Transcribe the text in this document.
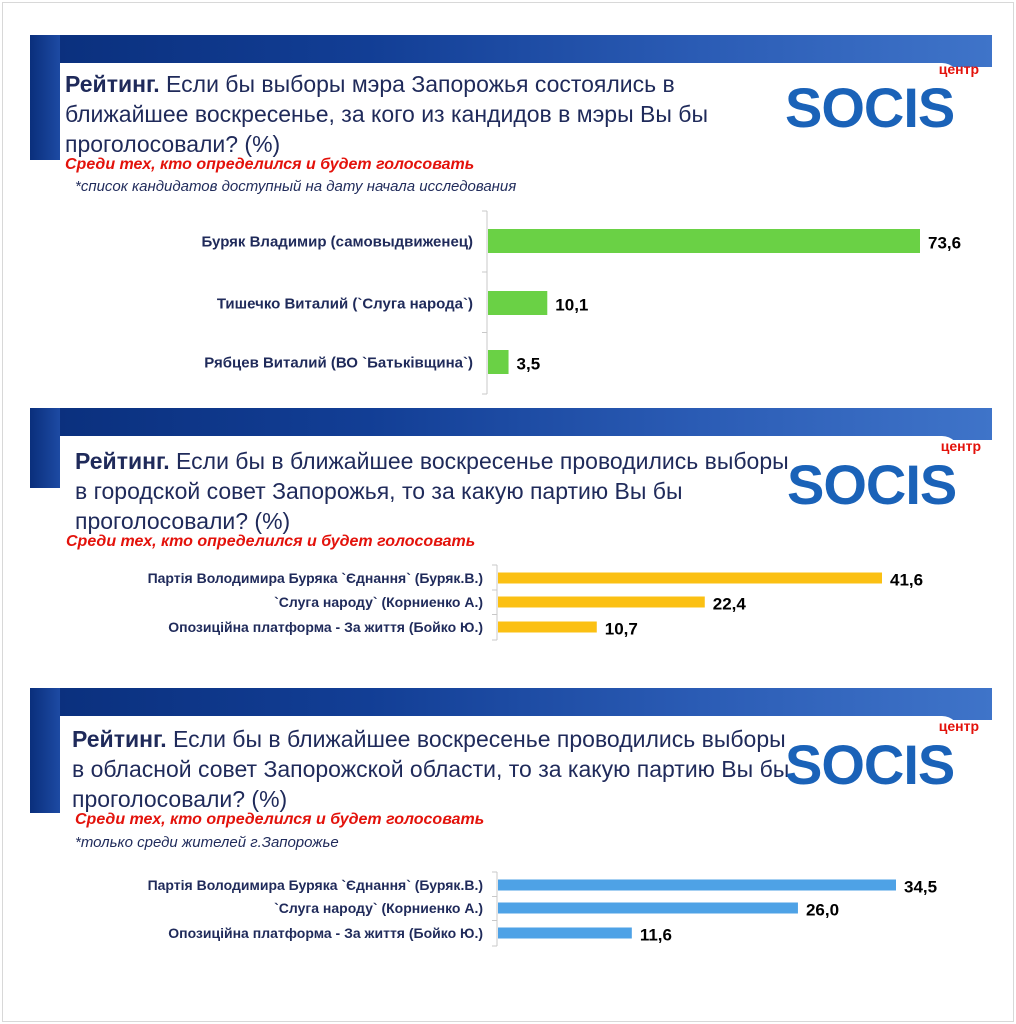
Рейтинг. Если бы выборы мэра Запорожья состоялись в ближайшее воскресенье, за кого из кандидов в мэры Вы бы проголосовали? (%)
Среди тех, кто определился и будет голосовать
*список кандидатов доступный на дату начала исследования
центр
SOCIS
Рейтинг. Если бы в ближайшее воскресенье проводились выборы в городской совет Запорожья, то за какую партию Вы бы проголосовали? (%)
Среди тех, кто определился и будет голосовать
центр
SOCIS
Рейтинг. Если бы в ближайшее воскресенье проводились выборы в обласной совет Запорожской области, то за какую партию Вы бы проголосовали? (%)
Среди тех, кто определился и будет голосовать
*только среди жителей г.Запорожье
центр
SOCIS
Буряк Владимир (самовыдвиженец)	73,6
Тишечко Виталий (`Слуга народа`)	10,1
Рябцев Виталий (ВО `Батьківщина`)	3,5
Партія Володимира Буряка `Єднання` (Буряк.В.)	41,6
`Слуга народу` (Корниенко А.)	22,4
Опозиційна платформа - За життя (Бойко Ю.)	10,7
Партія Володимира Буряка `Єднання` (Буряк.В.)	34,5
`Слуга народу` (Корниенко А.)	26,0
Опозиційна платформа - За життя (Бойко Ю.)	11,6
